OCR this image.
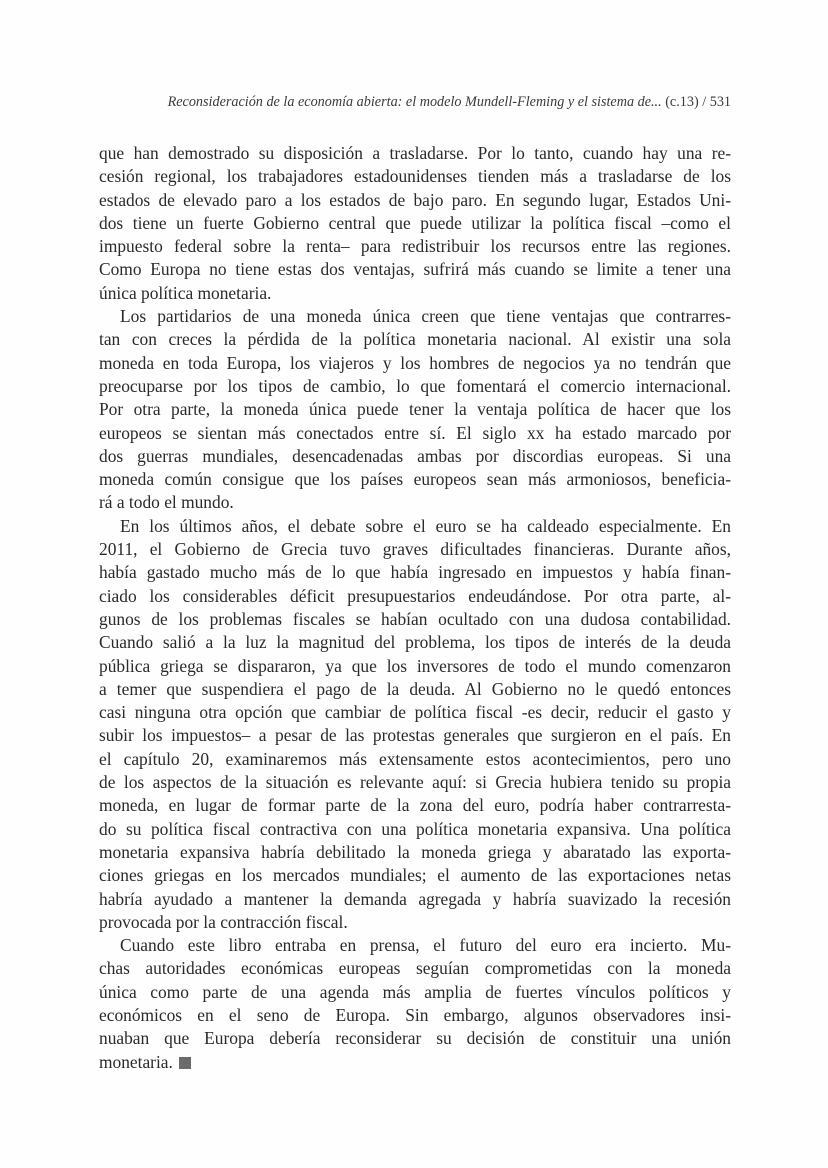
Reconsideración de la economía abierta: el modelo Mundell-Fleming y el sistema de... (c.13) / 531
que han demostrado su disposición a trasladarse. Por lo tanto, cuando hay una re-
cesión regional, los trabajadores estadounidenses tienden más a trasladarse de los
estados de elevado paro a los estados de bajo paro. En segundo lugar, Estados Uni-
dos tiene un fuerte Gobierno central que puede utilizar la política fiscal –como el
impuesto federal sobre la renta– para redistribuir los recursos entre las regiones.
Como Europa no tiene estas dos ventajas, sufrirá más cuando se limite a tener una
única política monetaria.
Los partidarios de una moneda única creen que tiene ventajas que contrarres-
tan con creces la pérdida de la política monetaria nacional. Al existir una sola
moneda en toda Europa, los viajeros y los hombres de negocios ya no tendrán que
preocuparse por los tipos de cambio, lo que fomentará el comercio internacional.
Por otra parte, la moneda única puede tener la ventaja política de hacer que los
europeos se sientan más conectados entre sí. El siglo xx ha estado marcado por
dos guerras mundiales, desencadenadas ambas por discordias europeas. Si una
moneda común consigue que los países europeos sean más armoniosos, beneficia-
rá a todo el mundo.
En los últimos años, el debate sobre el euro se ha caldeado especialmente. En
2011, el Gobierno de Grecia tuvo graves dificultades financieras. Durante años,
había gastado mucho más de lo que había ingresado en impuestos y había finan-
ciado los considerables déficit presupuestarios endeudándose. Por otra parte, al-
gunos de los problemas fiscales se habían ocultado con una dudosa contabilidad.
Cuando salió a la luz la magnitud del problema, los tipos de interés de la deuda
pública griega se dispararon, ya que los inversores de todo el mundo comenzaron
a temer que suspendiera el pago de la deuda. Al Gobierno no le quedó entonces
casi ninguna otra opción que cambiar de política fiscal -es decir, reducir el gasto y
subir los impuestos– a pesar de las protestas generales que surgieron en el país. En
el capítulo 20, examinaremos más extensamente estos acontecimientos, pero uno
de los aspectos de la situación es relevante aquí: si Grecia hubiera tenido su propia
moneda, en lugar de formar parte de la zona del euro, podría haber contrarresta-
do su política fiscal contractiva con una política monetaria expansiva. Una política
monetaria expansiva habría debilitado la moneda griega y abaratado las exporta-
ciones griegas en los mercados mundiales; el aumento de las exportaciones netas
habría ayudado a mantener la demanda agregada y habría suavizado la recesión
provocada por la contracción fiscal.
Cuando este libro entraba en prensa, el futuro del euro era incierto. Mu-
chas autoridades económicas europeas seguían comprometidas con la moneda
única como parte de una agenda más amplia de fuertes vínculos políticos y
económicos en el seno de Europa. Sin embargo, algunos observadores insi-
nuaban que Europa debería reconsiderar su decisión de constituir una unión
monetaria.
